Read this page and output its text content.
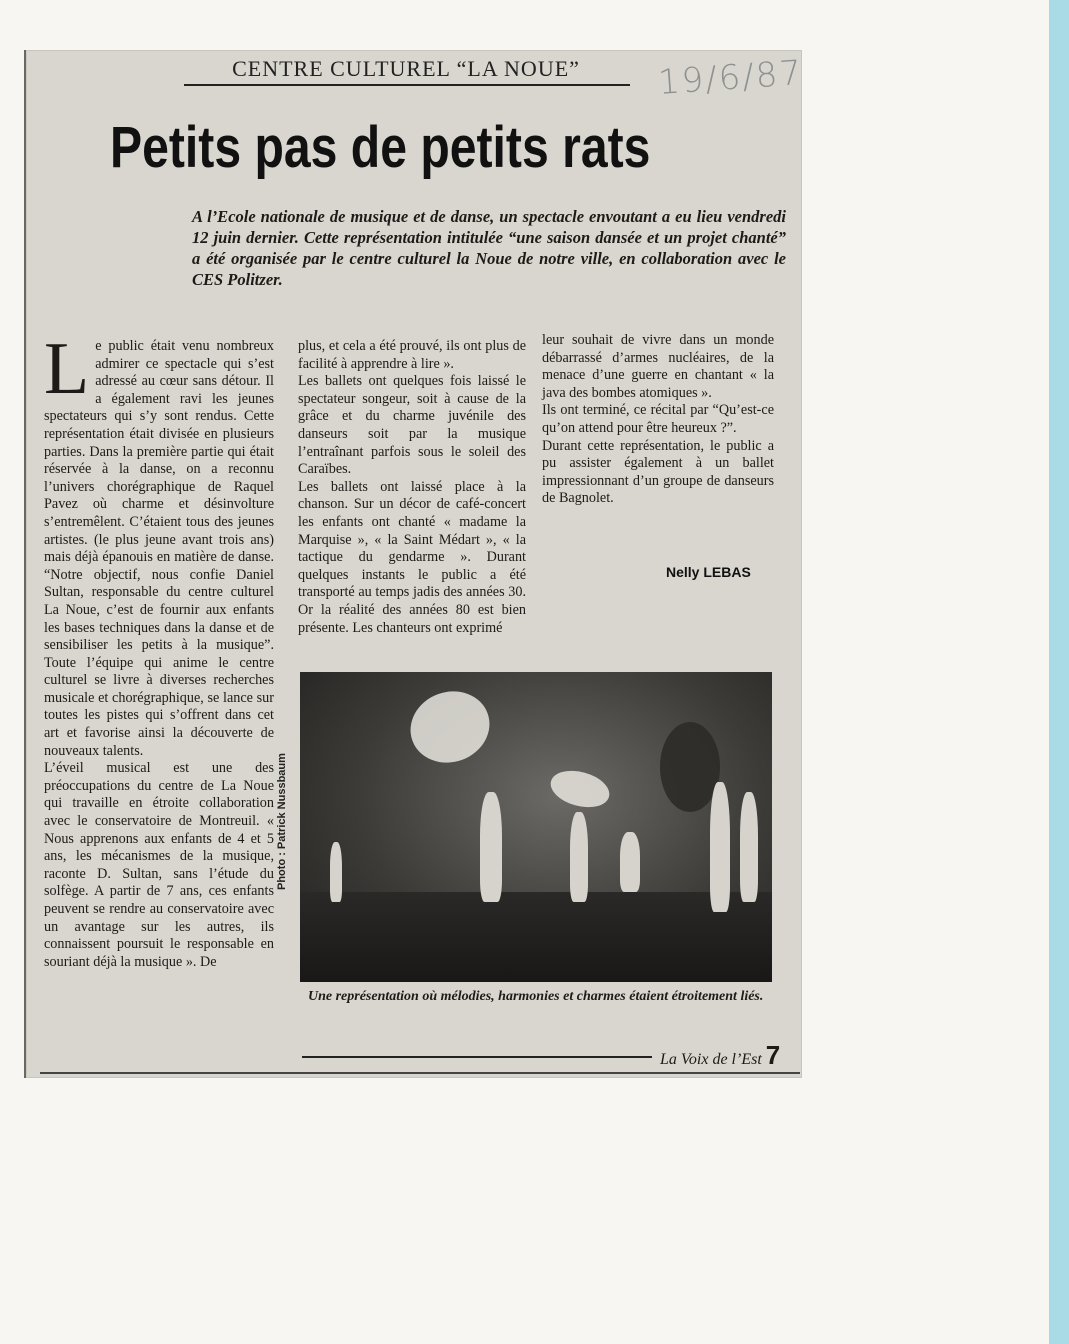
CENTRE CULTUREL “LA NOUE”	19/6/87
Petits pas de petits rats
A l’Ecole nationale de musique et de danse, un spectacle envoutant a eu lieu vendredi 12 juin dernier. Cette représentation intitulée “une saison dansée et un projet chanté” a été organisée par le centre culturel la Noue de notre ville, en collaboration avec le CES Politzer.
L e public était venu nombreux admirer ce spectacle qui s’est adressé au cœur sans détour. Il a également ravi les jeunes spectateurs qui s’y sont rendus. Cette représentation était divisée en plusieurs parties. Dans la première partie qui était réservée à la danse, on a reconnu l’univers chorégraphique de Raquel Pavez où charme et désinvolture s’entremêlent. C’étaient tous des jeunes artistes. (le plus jeune avant trois ans) mais déjà épanouis en matière de danse. “Notre objectif, nous confie Daniel Sultan, responsable du centre culturel La Noue, c’est de fournir aux enfants les bases techniques dans la danse et de sensibiliser les petits à la musique”. Toute l’équipe qui anime le centre culturel se livre à diverses recherches musicale et chorégraphique, se lance sur toutes les pistes qui s’offrent dans cet art et favorise ainsi la découverte de nouveaux talents.

L’éveil musical est une des préoccupations du centre de La Noue qui travaille en étroite collaboration avec le conservatoire de Montreuil. « Nous apprenons aux enfants de 4 et 5 ans, les mécanismes de la musique, raconte D. Sultan, sans l’étude du solfège. A partir de 7 ans, ces enfants peuvent se rendre au conservatoire avec un avantage sur les autres, ils connaissent poursuit le responsable en souriant déjà la musique ». De

plus, et cela a été prouvé, ils ont plus de facilité à apprendre à lire ».

Les ballets ont quelques fois laissé le spectateur songeur, soit à cause de la grâce et du charme juvénile des danseurs soit par la musique l’entraînant parfois sous le soleil des Caraïbes.

Les ballets ont laissé place à la chanson. Sur un décor de café-concert les enfants ont chanté « madame la Marquise », « la Saint Médart », « la tactique du gendarme ». Durant quelques instants le public a été transporté au temps jadis des années 30. Or la réalité des années 80 est bien présente. Les chanteurs ont exprimé

leur souhait de vivre dans un monde débarrassé d’armes nucléaires, de la menace d’une guerre en chantant « la java des bombes atomiques ».

Ils ont terminé, ce récital par “Qu’est-ce qu’on attend pour être heureux ?”.

Durant cette représentation, le public a pu assister également à un ballet impressionnant d’un groupe de danseurs de Bagnolet.

Nelly LEBAS
Photo : Patrick Nussbaum
Une représentation où mélodies, harmonies et charmes étaient étroitement liés.
La Voix de l’Est 7
